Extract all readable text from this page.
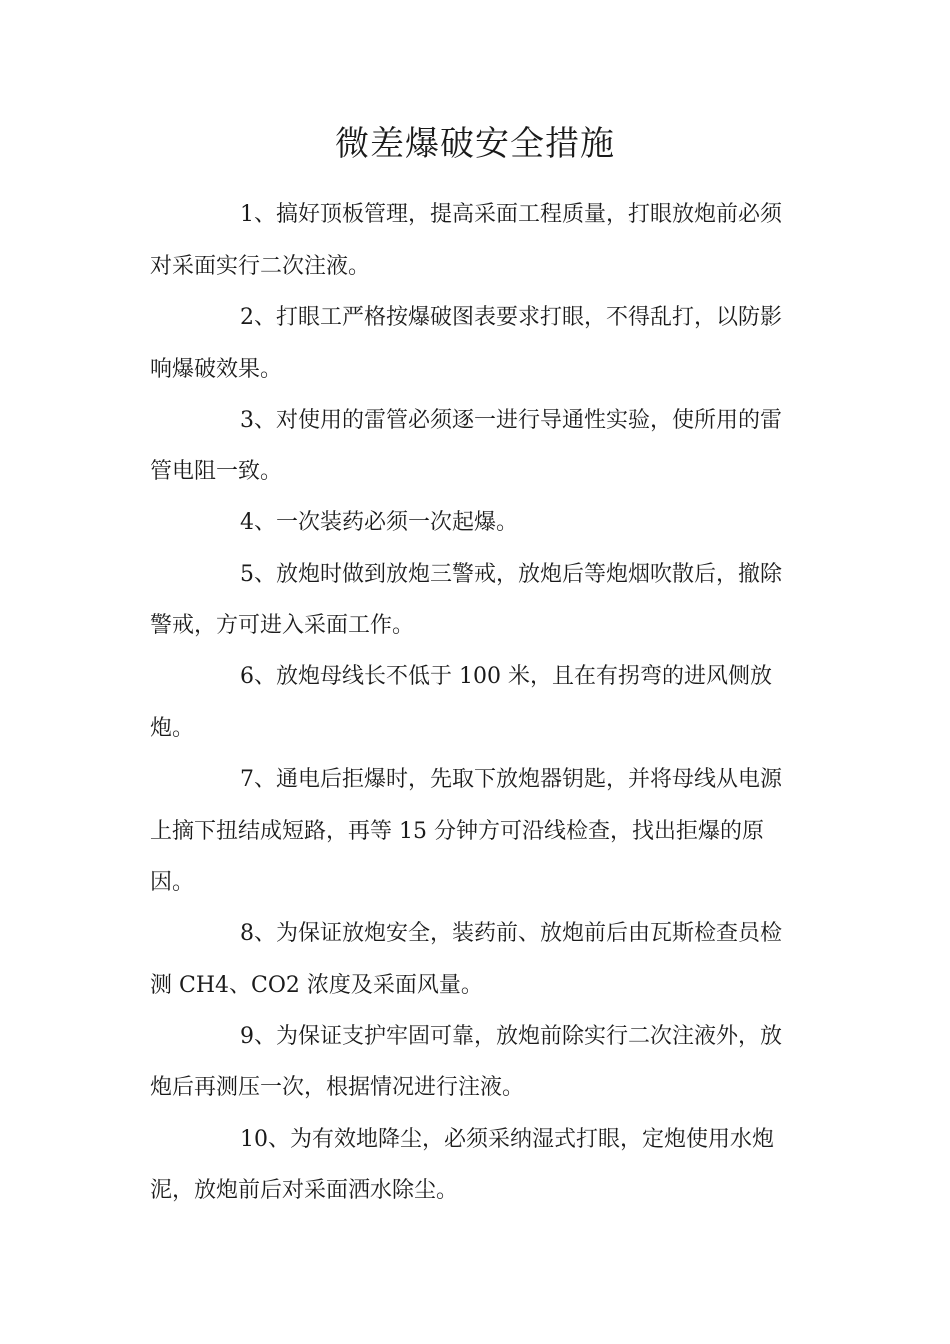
微差爆破安全措施
1、搞好顶板管理，提高采面工程质量，打眼放炮前必须
对采面实行二次注液。
2、打眼工严格按爆破图表要求打眼，不得乱打，以防影
响爆破效果。
3、对使用的雷管必须逐一进行导通性实验，使所用的雷
管电阻一致。
4、一次装药必须一次起爆。
5、放炮时做到放炮三警戒，放炮后等炮烟吹散后，撤除
警戒，方可进入采面工作。
6、放炮母线长不低于 100 米，且在有拐弯的进风侧放
炮。
7、通电后拒爆时，先取下放炮器钥匙，并将母线从电源
上摘下扭结成短路，再等 15 分钟方可沿线检查，找出拒爆的原
因。
8、为保证放炮安全，装药前、放炮前后由瓦斯检查员检
测 CH4、CO2 浓度及采面风量。
9、为保证支护牢固可靠，放炮前除实行二次注液外，放
炮后再测压一次，根据情况进行注液。
10、为有效地降尘，必须采纳湿式打眼，定炮使用水炮
泥，放炮前后对采面洒水除尘。
